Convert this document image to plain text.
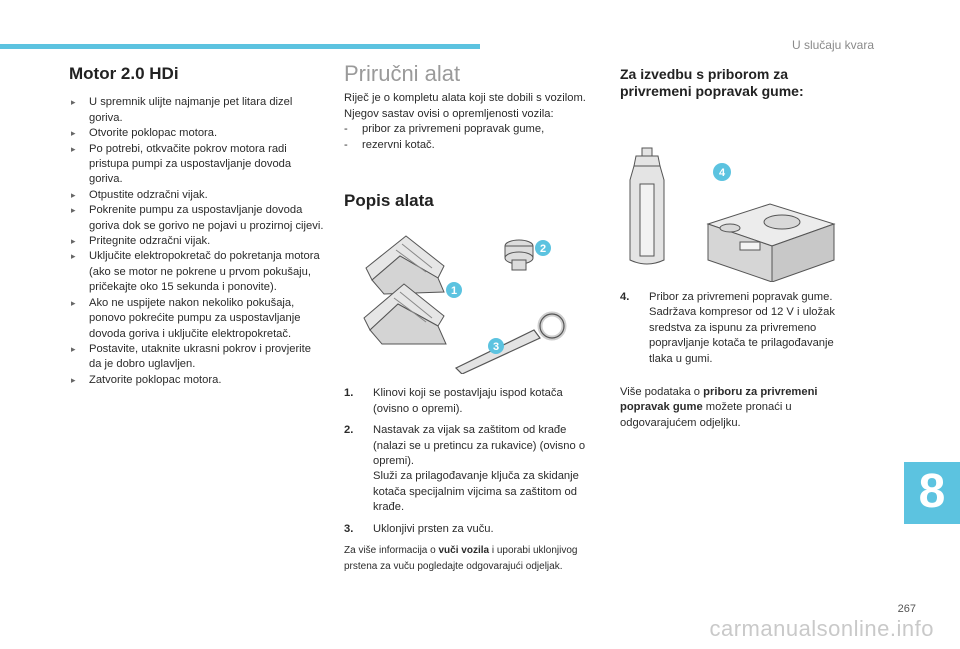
U slučaju kvara
Motor 2.0 HDi
▸ U spremnik ulijte najmanje pet litara dizel goriva.
▸ Otvorite poklopac motora.
▸ Po potrebi, otkvačite pokrov motora radi pristupa pumpi za uspostavljanje dovoda goriva.
▸ Otpustite odzračni vijak.
▸ Pokrenite pumpu za uspostavljanje dovoda goriva dok se gorivo ne pojavi u prozirnoj cijevi.
▸ Pritegnite odzračni vijak.
▸ Uključite elektropokretač do pokretanja motora (ako se motor ne pokrene u prvom pokušaju, pričekajte oko 15 sekunda i ponovite).
▸ Ako ne uspijete nakon nekoliko pokušaja, ponovo pokrećite pumpu za uspostavljanje dovoda goriva i uključite elektropokretač.
▸ Postavite, utaknite ukrasni pokrov i provjerite da je dobro uglavljen.
▸ Zatvorite poklopac motora.
Priručni alat

Riječ je o kompletu alata koji ste dobili s vozilom.

Njegov sastav ovisi o opremljenosti vozila:

- pribor za privremeni popravak gume,
- rezervni kotač.
Popis alata
1
2
3
1. Klinovi koji se postavljaju ispod kotača (ovisno o opremi).
2. Nastavak za vijak sa zaštitom od krađe (nalazi se u pretincu za rukavice) (ovisno o opremi).
Služi za prilagođavanje ključa za skidanje kotača specijalnim vijcima sa zaštitom od krađe.
3. Uklonjivi prsten za vuču.

Za više informacija o vuči vozila i uporabi uklonjivog prstena za vuču pogledajte odgovarajući odjeljak.

Za izvedbu s priborom za privremeni popravak gume:
4
4. Pribor za privremeni popravak gume. Sadržava kompresor od 12 V i uložak sredstva za ispunu za privremeno popravljanje kotača te prilagođavanje tlaka u gumi.

Više podataka o priboru za privremeni popravak gume možete pronaći u odgovarajućem odjeljku.

8
267
carmanualsonline.info
